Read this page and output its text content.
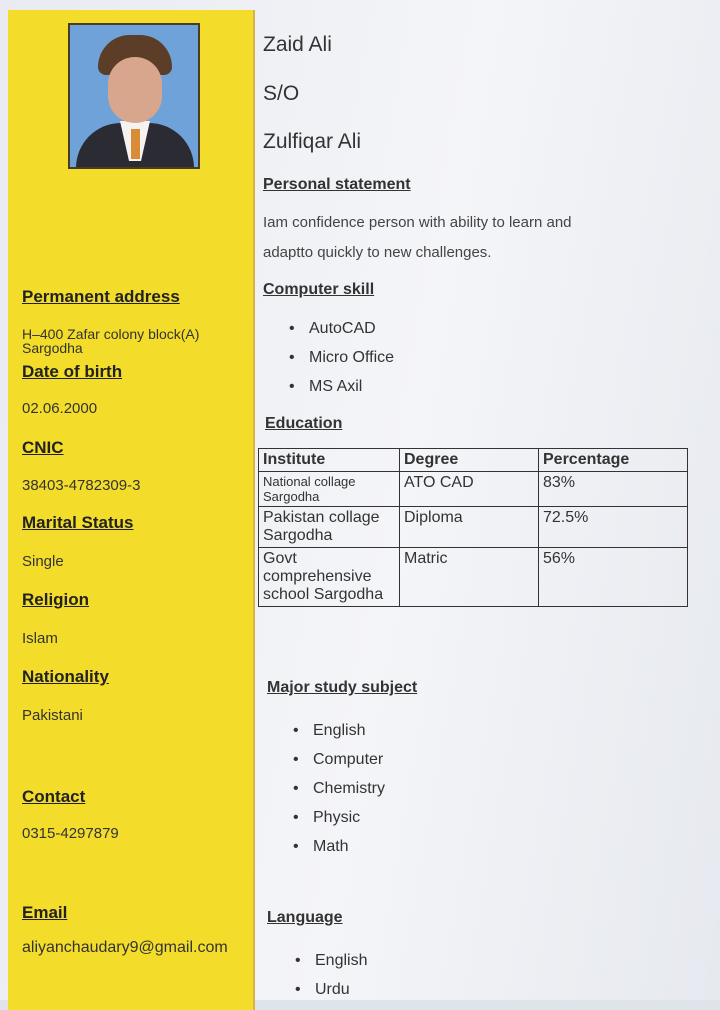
Permanent address
H–400 Zafar colony block(A)
Sargodha
Date of birth
02.06.2000
CNIC
38403-4782309-3
Marital Status
Single
Religion
Islam
Nationality
Pakistani
Contact
0315-4297879
Email
aliyanchaudary9@gmail.com
Zaid Ali
S/O
Zulfiqar Ali
Personal statement
Iam confidence person with ability to learn and
adaptto quickly to new challenges.
Computer skill
• AutoCAD
• Micro Office
• MS Axil
Education
Major study subject
• English
• Computer
• Chemistry
• Physic
• Math
Language
• English
• Urdu
Institute	Degree	Percentage

National collage
Sargodha	ATO CAD	83%

Pakistan collage
Sargodha	Diploma	72.5%

Govt
comprehensive
school Sargodha	Matric	56%
